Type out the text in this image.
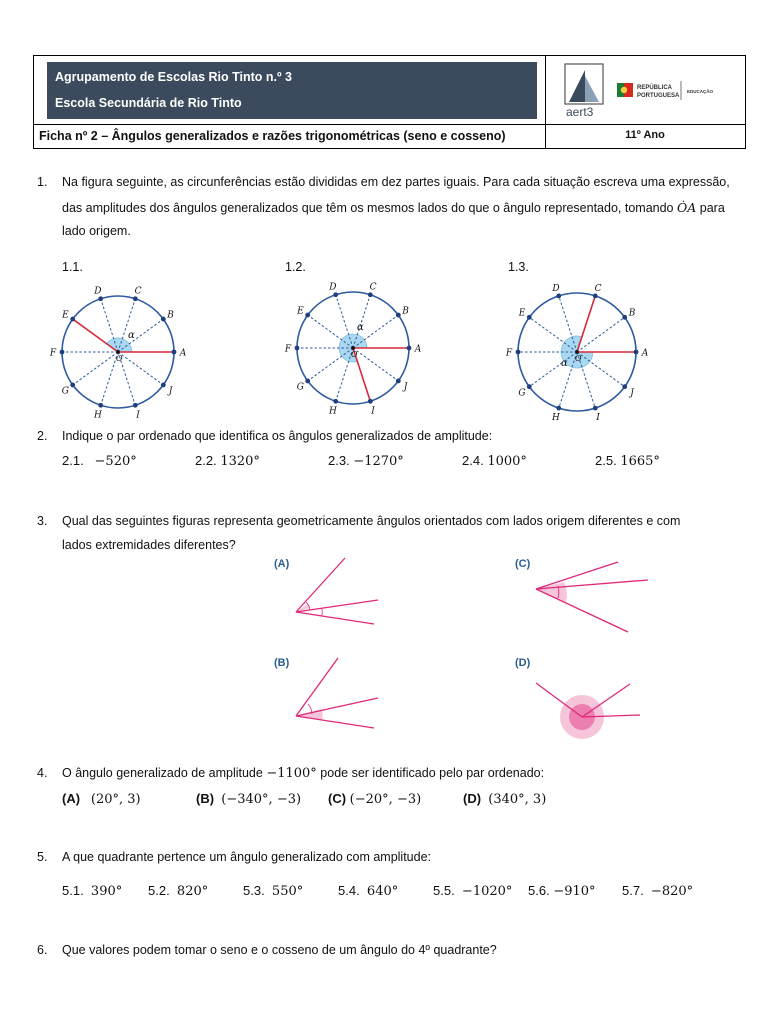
Agrupamento de Escolas Rio Tinto n.º 3
Escola Secundária de Rio Tinto
aert3
REPÚBLICA
PORTUGUESA
EDUCAÇÃO
Ficha nº 2 – Ângulos generalizados e razões trigonométricas (seno e cosseno)	11º Ano
1. Na figura seguinte, as circunferências estão divididas em dez partes iguais. Para cada situação escreva uma expressão,
das amplitudes dos ângulos generalizados que têm os mesmos lados do que o ângulo representado, tomando ȮA para
lado origem.
1.1.	1.2.	1.3.
A
B
C
D
E
F
G
H	I
J
O
α
A
B
C
D
E
F
G
H	I
J
O
α
A
B
C
D
E
F
G
H	I
J
O
α
2. Indique o par ordenado que identifica os ângulos generalizados de amplitude:
2.1. −520°	2.2. 1320°	2.3. −1270°	2.4. 1000°	2.5. 1665°
3. Qual das seguintes figuras representa geometricamente ângulos orientados com lados origem diferentes e com
lados extremidades diferentes?
(A)	(C)
(B)	(D)
4. O ângulo generalizado de amplitude −1100° pode ser identificado pelo par ordenado:
(A) (20°, 3)	(B) (−340°, −3) (C) (−20°, −3)	(D) (340°, 3)
5. A que quadrante pertence um ângulo generalizado com amplitude:
5.1. 390° 5.2. 820°	5.3. 550°	5.4. 640°	5.5. −1020° 5.6. −910° 5.7. −820°
6. Que valores podem tomar o seno e o cosseno de um ângulo do 4º quadrante?
